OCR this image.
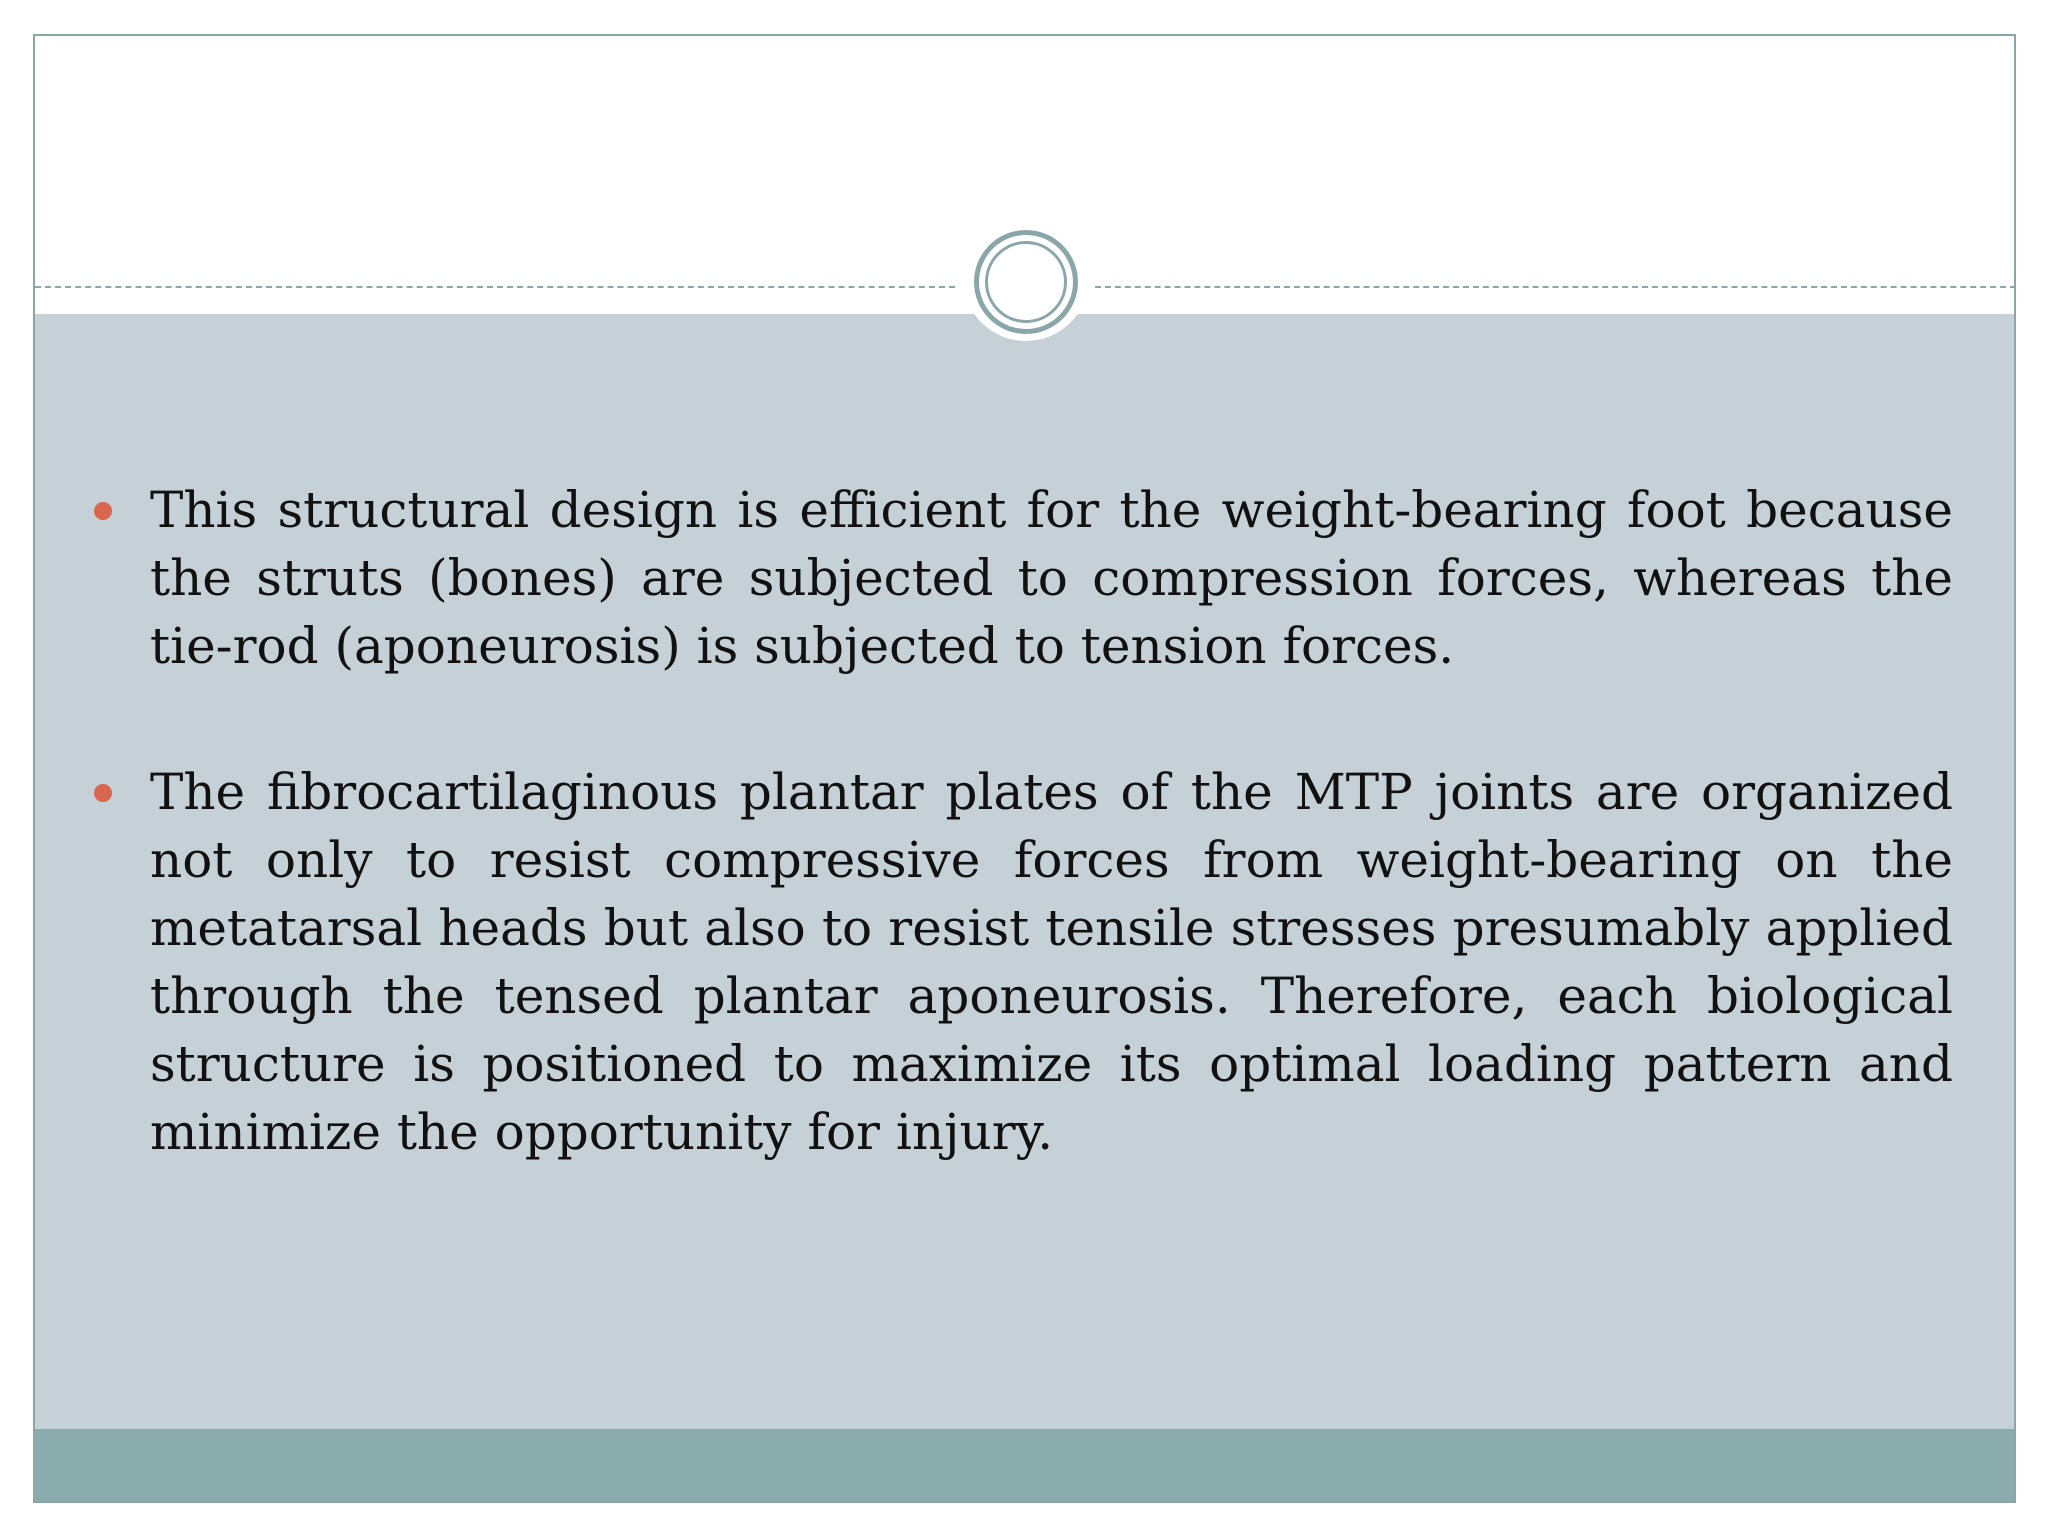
This structural design is efficient for the weight-bearing foot because the struts (bones) are subjected to compression forces, whereas the tie-rod (aponeurosis) is subjected to tension forces.

The fibrocartilaginous plantar plates of the MTP joints are organized not only to resist compressive forces from weight-bearing on the metatarsal heads but also to resist tensile stresses presumably applied through the tensed plantar aponeurosis. Therefore, each biological structure is positioned to maximize its optimal loading pattern and minimize the opportunity for injury.
